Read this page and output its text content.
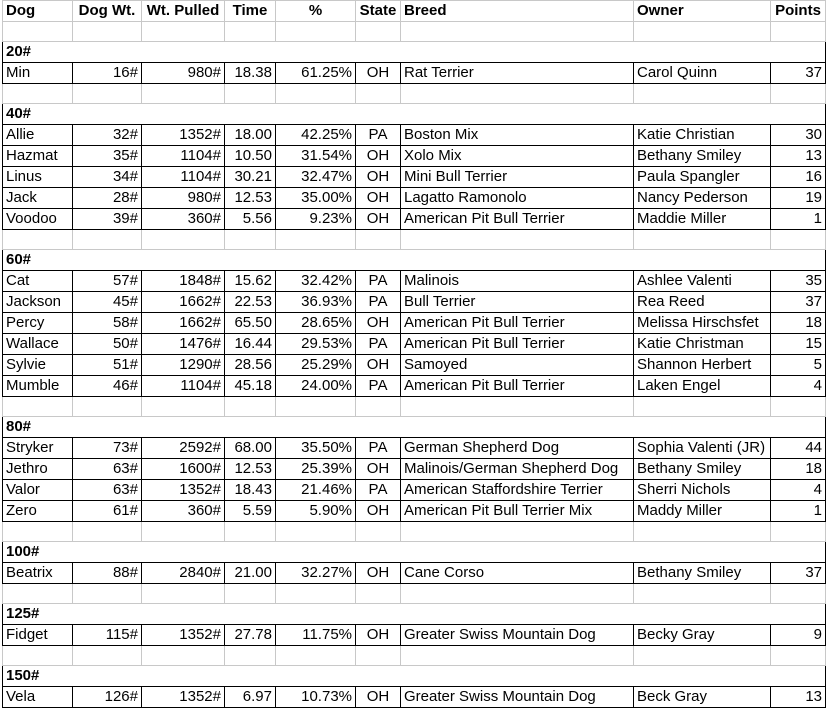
Dog	Dog Wt.	Wt. Pulled	Time	%	State	Breed	Owner	Points

20#								
Min	16#	980#	18.38	61.25%	OH	Rat Terrier	Carol Quinn	37

40#								
Allie	32#	1352#	18.00	42.25%	PA	Boston Mix	Katie Christian	30
Hazmat	35#	1104#	10.50	31.54%	OH	Xolo Mix	Bethany Smiley	13
Linus	34#	1104#	30.21	32.47%	OH	Mini Bull Terrier	Paula Spangler	16
Jack	28#	980#	12.53	35.00%	OH	Lagatto Ramonolo	Nancy Pederson	19
Voodoo	39#	360#	5.56	9.23%	OH	American Pit Bull Terrier	Maddie Miller	1

60#								
Cat	57#	1848#	15.62	32.42%	PA	Malinois	Ashlee Valenti	35
Jackson	45#	1662#	22.53	36.93%	PA	Bull Terrier	Rea Reed	37
Percy	58#	1662#	65.50	28.65%	OH	American Pit Bull Terrier	Melissa Hirschsfet	18
Wallace	50#	1476#	16.44	29.53%	PA	American Pit Bull Terrier	Katie Christman	15
Sylvie	51#	1290#	28.56	25.29%	OH	Samoyed	Shannon Herbert	5
Mumble	46#	1104#	45.18	24.00%	PA	American Pit Bull Terrier	Laken Engel	4

80#								
Stryker	73#	2592#	68.00	35.50%	PA	German Shepherd Dog	Sophia Valenti (JR)	44
Jethro	63#	1600#	12.53	25.39%	OH	Malinois/German Shepherd Dog	Bethany Smiley	18
Valor	63#	1352#	18.43	21.46%	PA	American Staffordshire Terrier	Sherri Nichols	4
Zero	61#	360#	5.59	5.90%	OH	American Pit Bull Terrier Mix	Maddy Miller	1

100#								
Beatrix	88#	2840#	21.00	32.27%	OH	Cane Corso	Bethany Smiley	37

125#								
Fidget	115#	1352#	27.78	11.75%	OH	Greater Swiss Mountain Dog	Becky Gray	9

150#								
Vela	126#	1352#	6.97	10.73%	OH	Greater Swiss Mountain Dog	Beck Gray	13
